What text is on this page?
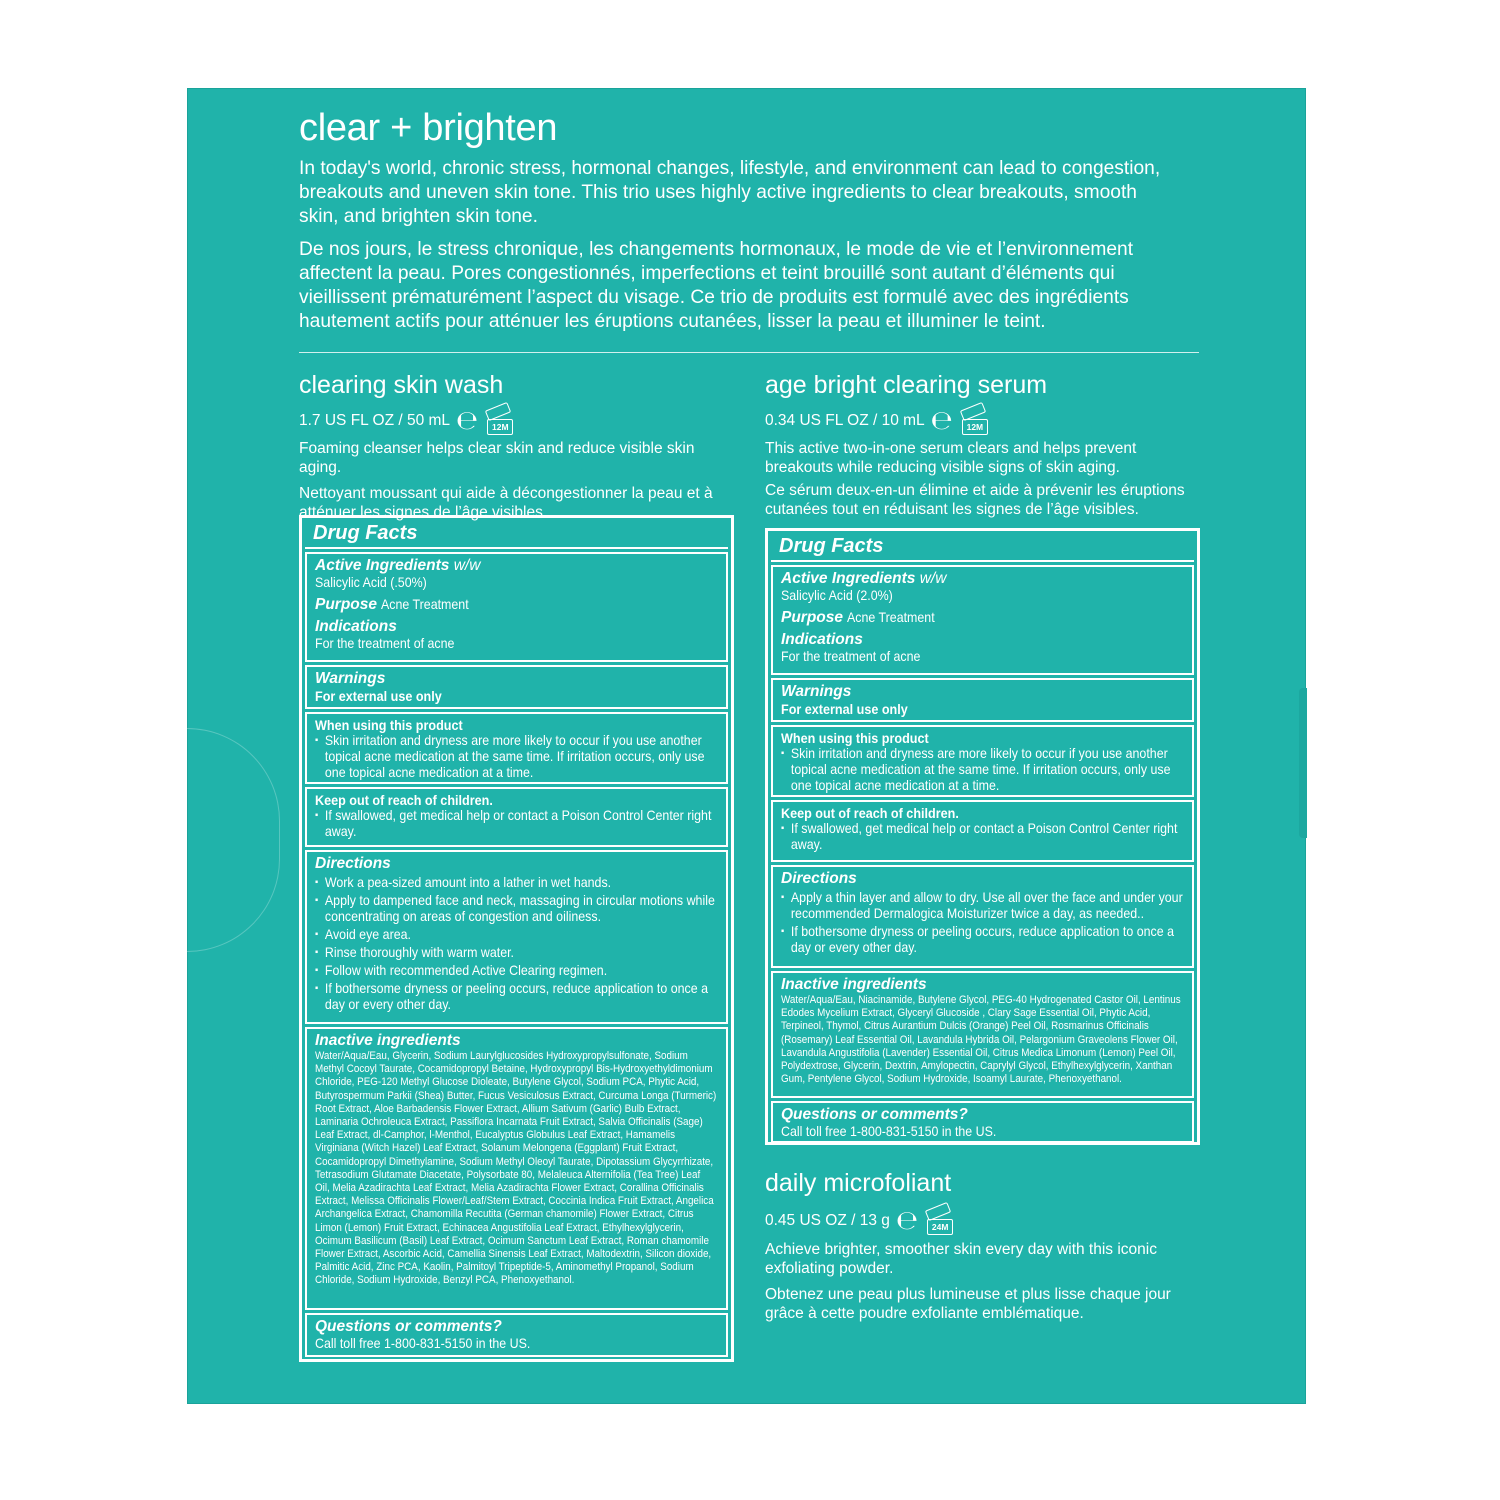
clear + brighten

In today's world, chronic stress, hormonal changes, lifestyle, and environment can lead to congestion, breakouts and uneven skin tone. This trio uses highly active ingredients to clear breakouts, smooth skin, and brighten skin tone.

De nos jours, le stress chronique, les changements hormonaux, le mode de vie et l’environnement affectent la peau. Pores congestionnés, imperfections et teint brouillé sont autant d’éléments qui vieillissent prématurément l’aspect du visage. Ce trio de produits est formulé avec des ingrédients hautement actifs pour atténuer les éruptions cutanées, lisser la peau et illuminer le teint.

clearing skin wash

1.7 US FL OZ / 50 mL ℮	12M

Foaming cleanser helps clear skin and reduce visible skin aging.

Nettoyant moussant qui aide à décongestionner la peau et à atténuer les signes de l’âge visibles.

Drug Facts
Active Ingredients w/w
Salicylic Acid (.50%)
Purpose Acne Treatment
Indications
For the treatment of acne
Warnings
For external use only
When using this product
▪ Skin irritation and dryness are more likely to occur if you use another topical acne medication at the same time. If irritation occurs, only use one topical acne medication at a time.
Keep out of reach of children.
▪ If swallowed, get medical help or contact a Poison Control Center right away.
Directions
▪ Work a pea-sized amount into a lather in wet hands.
▪ Apply to dampened face and neck, massaging in circular motions while concentrating on areas of congestion and oiliness.
▪ Avoid eye area.
▪ Rinse thoroughly with warm water.
▪ Follow with recommended Active Clearing regimen.
▪ If bothersome dryness or peeling occurs, reduce application to once a day or every other day.
Inactive ingredients
Water/Aqua/Eau, Glycerin, Sodium Laurylglucosides Hydroxypropylsulfonate, Sodium Methyl Cocoyl Taurate, Cocamidopropyl Betaine, Hydroxypropyl Bis-Hydroxyethyldimonium Chloride, PEG-120 Methyl Glucose Dioleate, Butylene Glycol, Sodium PCA, Phytic Acid, Butyrospermum Parkii (Shea) Butter, Fucus Vesiculosus Extract, Curcuma Longa (Turmeric) Root Extract, Aloe Barbadensis Flower Extract, Allium Sativum (Garlic) Bulb Extract, Laminaria Ochroleuca Extract, Passiflora Incarnata Fruit Extract, Salvia Officinalis (Sage) Leaf Extract, dl-Camphor, l-Menthol, Eucalyptus Globulus Leaf Extract, Hamamelis Virginiana (Witch Hazel) Leaf Extract, Solanum Melongena (Eggplant) Fruit Extract, Cocamidopropyl Dimethylamine, Sodium Methyl Oleoyl Taurate, Dipotassium Glycyrrhizate, Tetrasodium Glutamate Diacetate, Polysorbate 80, Melaleuca Alternifolia (Tea Tree) Leaf Oil, Melia Azadirachta Leaf Extract, Melia Azadirachta Flower Extract, Corallina Officinalis Extract, Melissa Officinalis Flower/Leaf/Stem Extract, Coccinia Indica Fruit Extract, Angelica Archangelica Extract, Chamomilla Recutita (German chamomile) Flower Extract, Citrus Limon (Lemon) Fruit Extract, Echinacea Angustifolia Leaf Extract, Ethylhexylglycerin, Ocimum Basilicum (Basil) Leaf Extract, Ocimum Sanctum Leaf Extract, Roman chamomile Flower Extract, Ascorbic Acid, Camellia Sinensis Leaf Extract, Maltodextrin, Silicon dioxide, Palmitic Acid, Zinc PCA, Kaolin, Palmitoyl Tripeptide-5, Aminomethyl Propanol, Sodium Chloride, Sodium Hydroxide, Benzyl PCA, Phenoxyethanol.
Questions or comments?
Call toll free 1-800-831-5150 in the US.

age bright clearing serum

0.34 US FL OZ / 10 mL ℮	12M

This active two-in-one serum clears and helps prevent breakouts while reducing visible signs of skin aging.

Ce sérum deux-en-un élimine et aide à prévenir les éruptions cutanées tout en réduisant les signes de l’âge visibles.

Drug Facts
Active Ingredients w/w
Salicylic Acid (2.0%)
Purpose Acne Treatment
Indications
For the treatment of acne
Warnings
For external use only
When using this product
▪ Skin irritation and dryness are more likely to occur if you use another topical acne medication at the same time. If irritation occurs, only use one topical acne medication at a time.
Keep out of reach of children.
▪ If swallowed, get medical help or contact a Poison Control Center right away.
Directions
▪ Apply a thin layer and allow to dry. Use all over the face and under your recommended Dermalogica Moisturizer twice a day, as needed..
▪ If bothersome dryness or peeling occurs, reduce application to once a day or every other day.
Inactive ingredients
Water/Aqua/Eau, Niacinamide, Butylene Glycol, PEG-40 Hydrogenated Castor Oil, Lentinus Edodes Mycelium Extract, Glyceryl Glucoside , Clary Sage Essential Oil, Phytic Acid, Terpineol, Thymol, Citrus Aurantium Dulcis (Orange) Peel Oil, Rosmarinus Officinalis (Rosemary) Leaf Essential Oil, Lavandula Hybrida Oil, Pelargonium Graveolens Flower Oil, Lavandula Angustifolia (Lavender) Essential Oil, Citrus Medica Limonum (Lemon) Peel Oil, Polydextrose, Glycerin, Dextrin, Amylopectin, Caprylyl Glycol, Ethylhexylglycerin, Xanthan Gum, Pentylene Glycol, Sodium Hydroxide, Isoamyl Laurate, Phenoxyethanol.
Questions or comments?
Call toll free 1-800-831-5150 in the US.

daily microfoliant

0.45 US OZ / 13 g ℮	24M

Achieve brighter, smoother skin every day with this iconic exfoliating powder.

Obtenez une peau plus lumineuse et plus lisse chaque jour grâce à cette poudre exfoliante emblématique.
